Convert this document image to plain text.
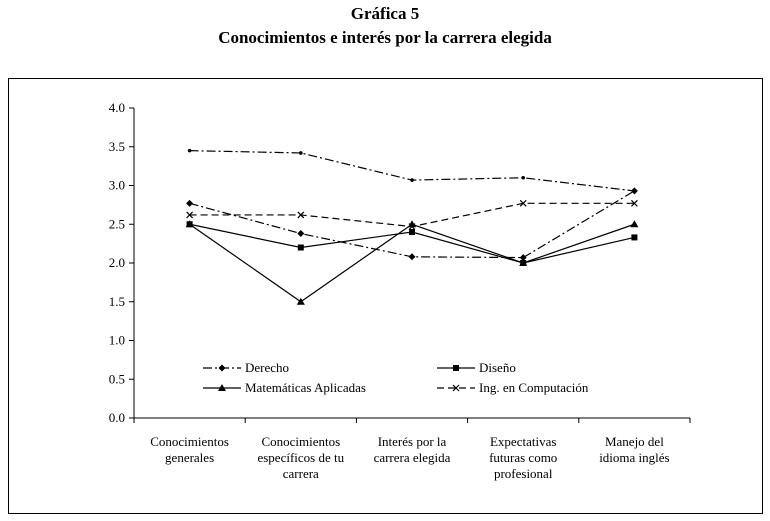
Gráfica 5
Conocimientos e interés por la carrera elegida
0.0
0.5
1.0
1.5
2.0
2.5
3.0
3.5
4.0
Conocimientos generales
Conocimientos específicos de tu carrera
Interés por la carrera elegida
Expectativas futuras como profesional
Manejo del idioma inglés
Derecho	Diseño
Matemáticas Aplicadas	Ing. en Computación
